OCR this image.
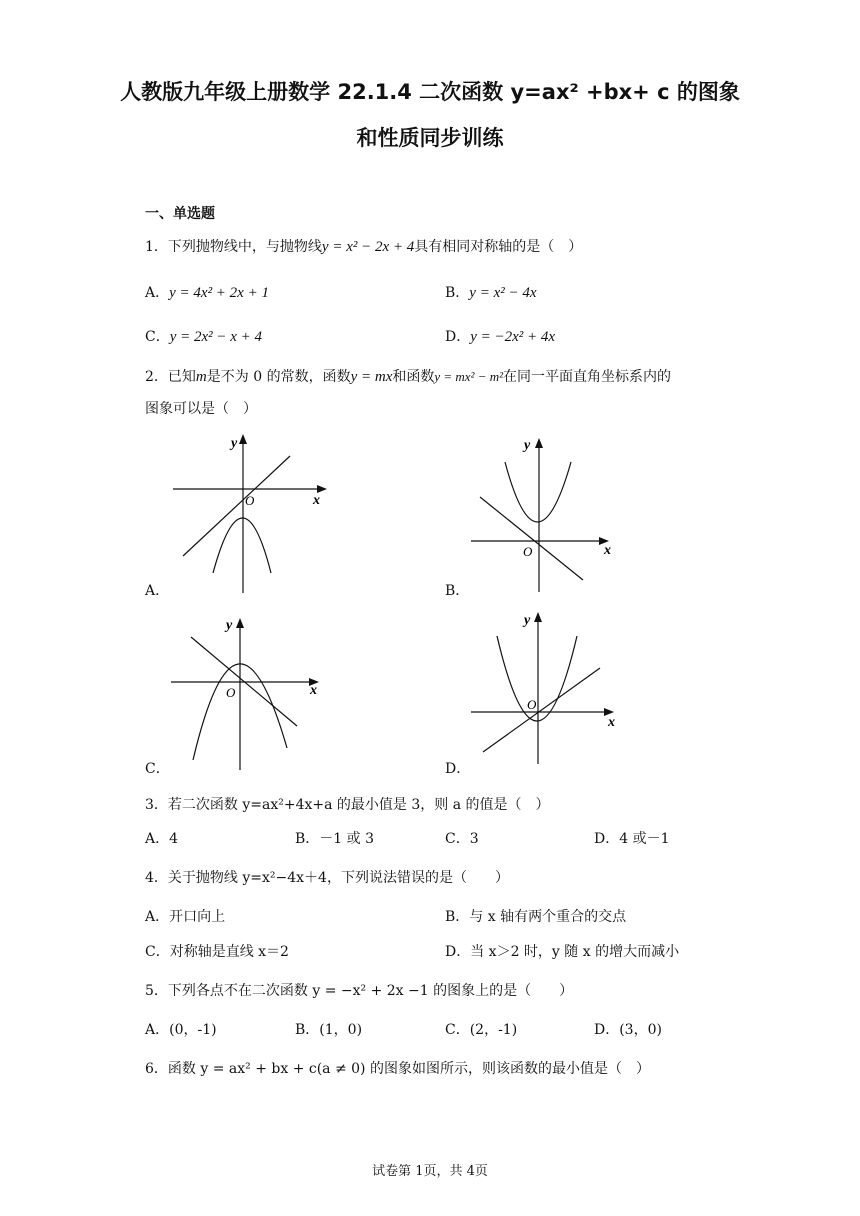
人教版九年级上册数学 22.1.4 二次函数 y=ax² +bx+ c 的图象
和性质同步训练
一、单选题
1．下列抛物线中，与抛物线y = x² − 2x + 4具有相同对称轴的是（　）
A．y = 4x² + 2x + 1	B．y = x² − 4x
C．y = 2x² − x + 4	D．y = −2x² + 4x
2．已知m是不为 0 的常数，函数y = mx和函数y = mx² − m²在同一平面直角坐标系内的
图象可以是（　）
y
x
O
A．
y
x
O
B．
y
x
O
C．
y
x
O
D．
3．若二次函数 y=ax²+4x+a 的最小值是 3，则 a 的值是（　）
A．4	B．－1 或 3	C．3	D．4 或－1
4．关于抛物线 y=x²−4x＋4，下列说法错误的是（　　）
A．开口向上	B．与 x 轴有两个重合的交点
C．对称轴是直线 x＝2	D．当 x＞2 时，y 随 x 的增大而减小
5．下列各点不在二次函数 y = −x² + 2x −1 的图象上的是（　　）
A．(0，-1)	B．(1，0)	C．(2，-1)	D．(3，0)
6．函数 y = ax² + bx + c(a ≠ 0) 的图象如图所示，则该函数的最小值是（　）
试卷第 1页，共 4页
